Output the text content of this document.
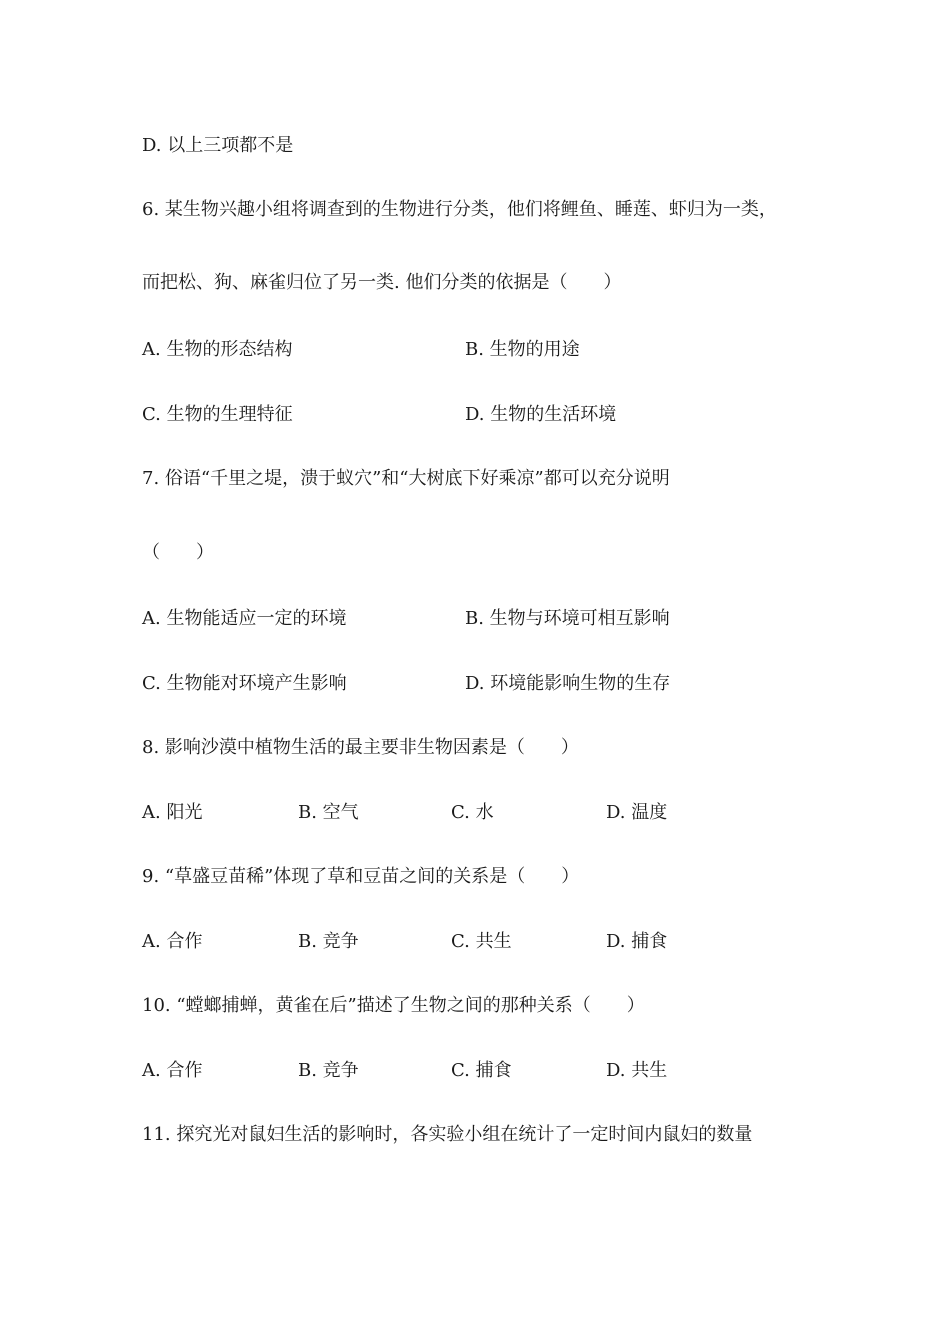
D. 以上三项都不是
6. 某生物兴趣小组将调查到的生物进行分类，他们将鲤鱼、睡莲、虾归为一类，
而把松、狗、麻雀归位了另一类. 他们分类的依据是（　　）
A. 生物的形态结构	B. 生物的用途
C. 生物的生理特征	D. 生物的生活环境
7. 俗语“千里之堤，溃于蚁穴”和“大树底下好乘凉”都可以充分说明
（　　）
A. 生物能适应一定的环境	B. 生物与环境可相互影响
C. 生物能对环境产生影响	D. 环境能影响生物的生存
8. 影响沙漠中植物生活的最主要非生物因素是（　　）
A. 阳光	B. 空气	C. 水	D. 温度
9. “草盛豆苗稀”体现了草和豆苗之间的关系是（　　）
A. 合作	B. 竞争	C. 共生	D. 捕食
10. “螳螂捕蝉，黄雀在后”描述了生物之间的那种关系（　　）
A. 合作	B. 竞争	C. 捕食	D. 共生
11. 探究光对鼠妇生活的影响时，各实验小组在统计了一定时间内鼠妇的数量
